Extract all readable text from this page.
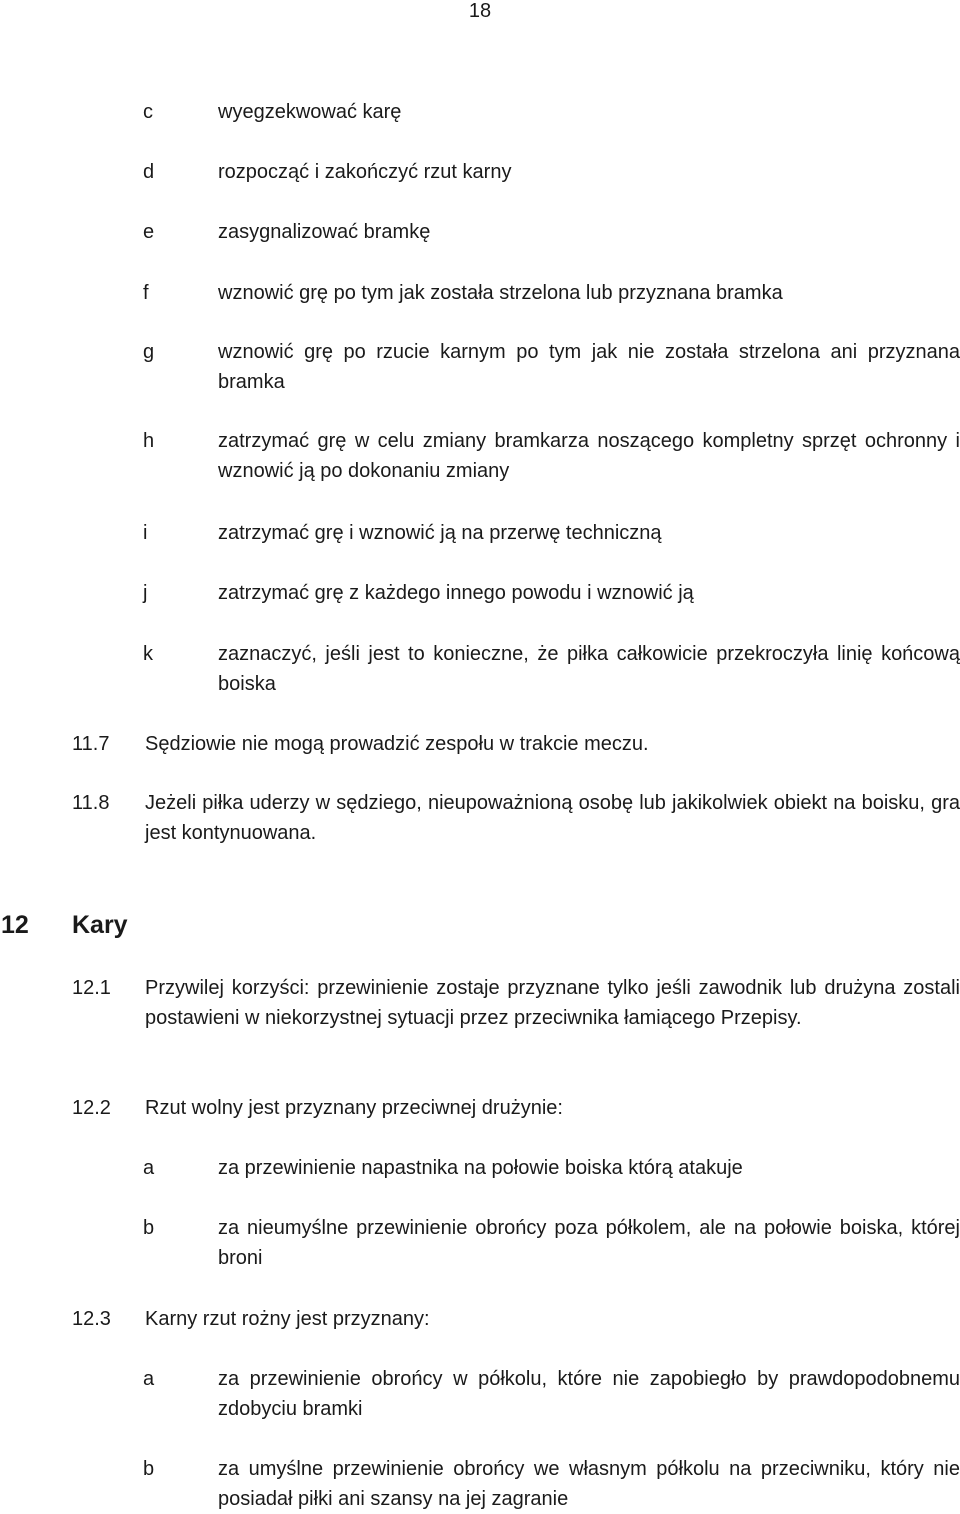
18
c	wyegzekwować karę
d	rozpocząć i zakończyć rzut karny
e	zasygnalizować bramkę
f	wznowić grę po tym jak została strzelona lub przyznana bramka
g	wznowić grę po rzucie karnym po tym jak nie została strzelona ani przyznana bramka
h	zatrzymać grę w celu zmiany bramkarza noszącego kompletny sprzęt ochronny i wznowić ją po dokonaniu zmiany
i	zatrzymać grę i wznowić ją na przerwę techniczną
j	zatrzymać grę z każdego innego powodu i wznowić ją
k	zaznaczyć, jeśli jest to konieczne, że piłka całkowicie przekroczyła linię końcową boiska
11.7 Sędziowie nie mogą prowadzić zespołu w trakcie meczu.
11.8 Jeżeli piłka uderzy w sędziego, nieupoważnioną osobę lub jakikolwiek obiekt na boisku, gra jest kontynuowana.
12 Kary
12.1 Przywilej korzyści: przewinienie zostaje przyznane tylko jeśli zawodnik lub drużyna zostali postawieni w niekorzystnej sytuacji przez przeciwnika łamiącego Przepisy.
12.2 Rzut wolny jest przyznany przeciwnej drużynie:
a	za przewinienie napastnika na połowie boiska którą atakuje
b	za nieumyślne przewinienie obrońcy poza półkolem, ale na połowie boiska, której broni
12.3 Karny rzut rożny jest przyznany:
a	za przewinienie obrońcy w półkolu, które nie zapobiegło by prawdopodobnemu zdobyciu bramki
b	za umyślne przewinienie obrońcy we własnym półkolu na przeciwniku, który nie posiadał piłki ani szansy na jej zagranie
